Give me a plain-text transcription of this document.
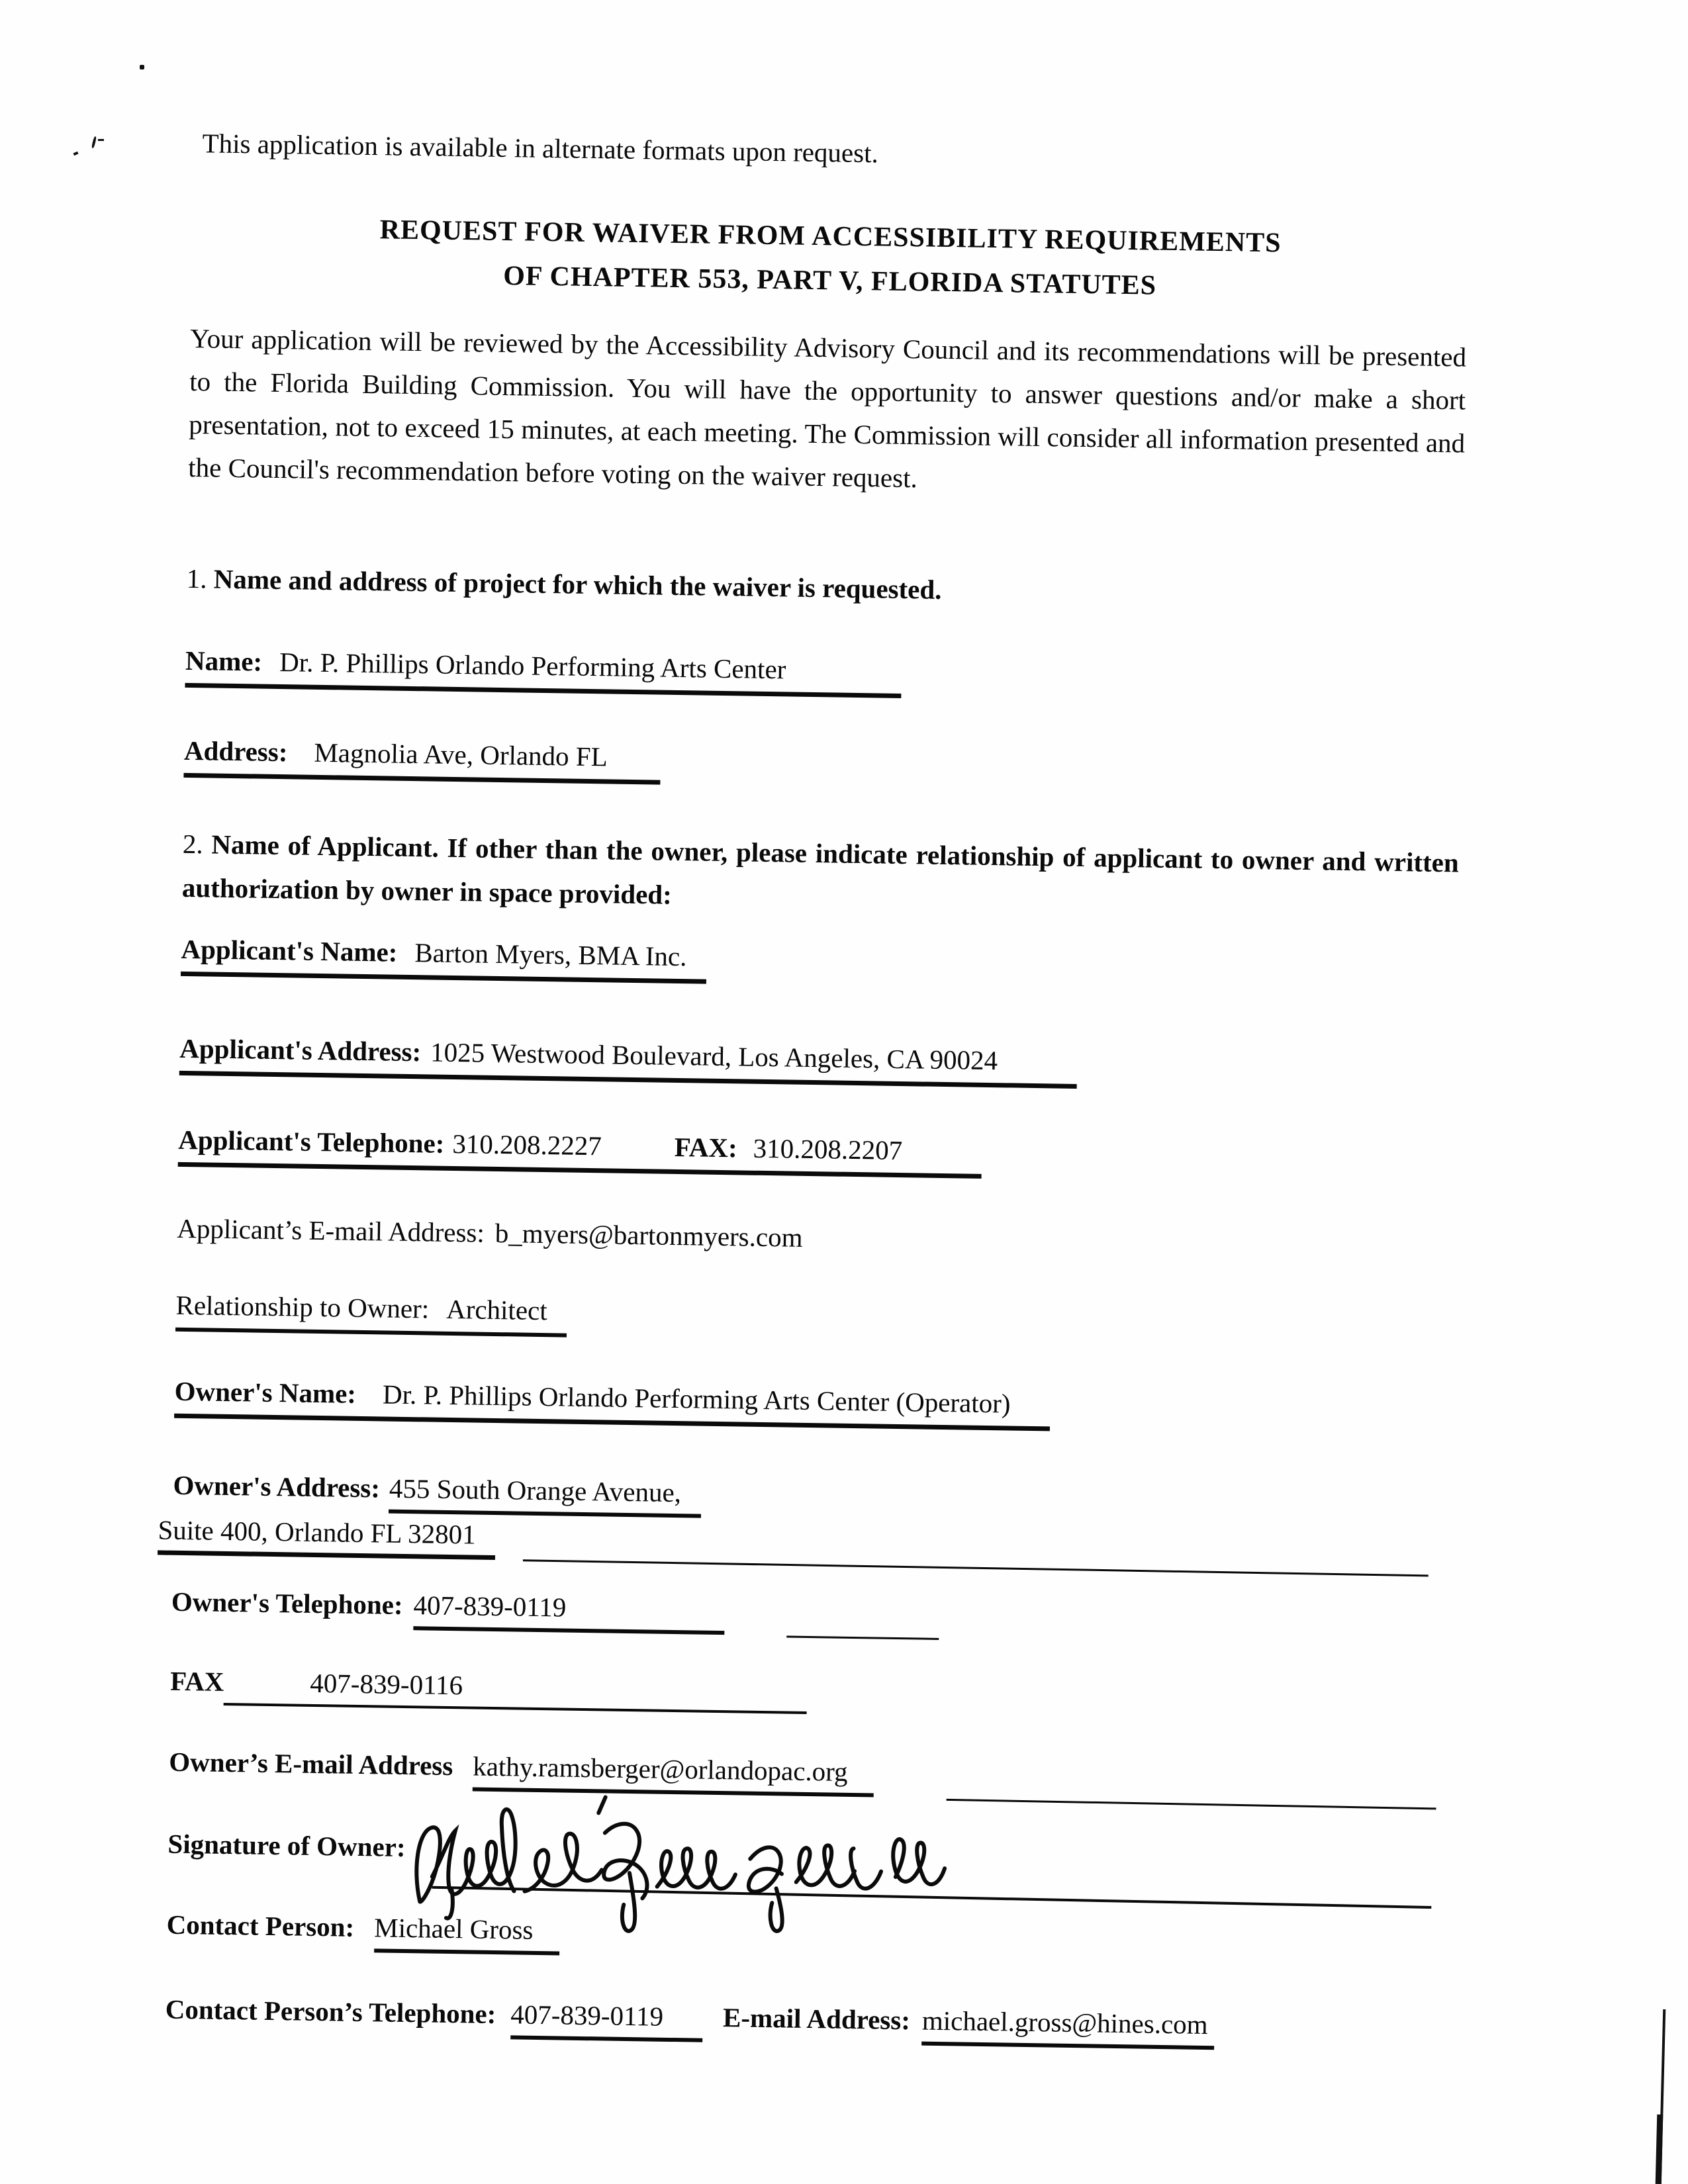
This application is available in alternate formats upon request.
REQUEST FOR WAIVER FROM ACCESSIBILITY REQUIREMENTS
OF CHAPTER 553, PART V, FLORIDA STATUTES
Your application will be reviewed by the Accessibility Advisory Council and its recommendations will be presented to the Florida Building Commission. You will have the opportunity to answer questions and/or make a short presentation, not to exceed 15 minutes, at each meeting. The Commission will consider all information presented and the Council's recommendation before voting on the waiver request.
1. Name and address of project for which the waiver is requested.
Name: Dr. P. Phillips Orlando Performing Arts Center
Address: Magnolia Ave, Orlando FL
2. Name of Applicant. If other than the owner, please indicate relationship of applicant to owner and written authorization by owner in space provided:
Applicant's Name: Barton Myers, BMA Inc.
Applicant's Address: 1025 Westwood Boulevard, Los Angeles, CA 90024
Applicant's Telephone: 310.208.2227	FAX: 310.208.2207
Applicant’s E-mail Address: b_myers@bartonmyers.com
Relationship to Owner: Architect
Owner's Name: Dr. P. Phillips Orlando Performing Arts Center (Operator)
Owner's Address: 455 South Orange Avenue,
Suite 400, Orlando FL 32801
Owner's Telephone: 407-839-0119
FAX	407-839-0116
Owner’s E-mail Address kathy.ramsberger@orlandopac.org
Signature of Owner:
Contact Person: Michael Gross
Contact Person’s Telephone: 407-839-0119 E-mail Address: michael.gross@hines.com
